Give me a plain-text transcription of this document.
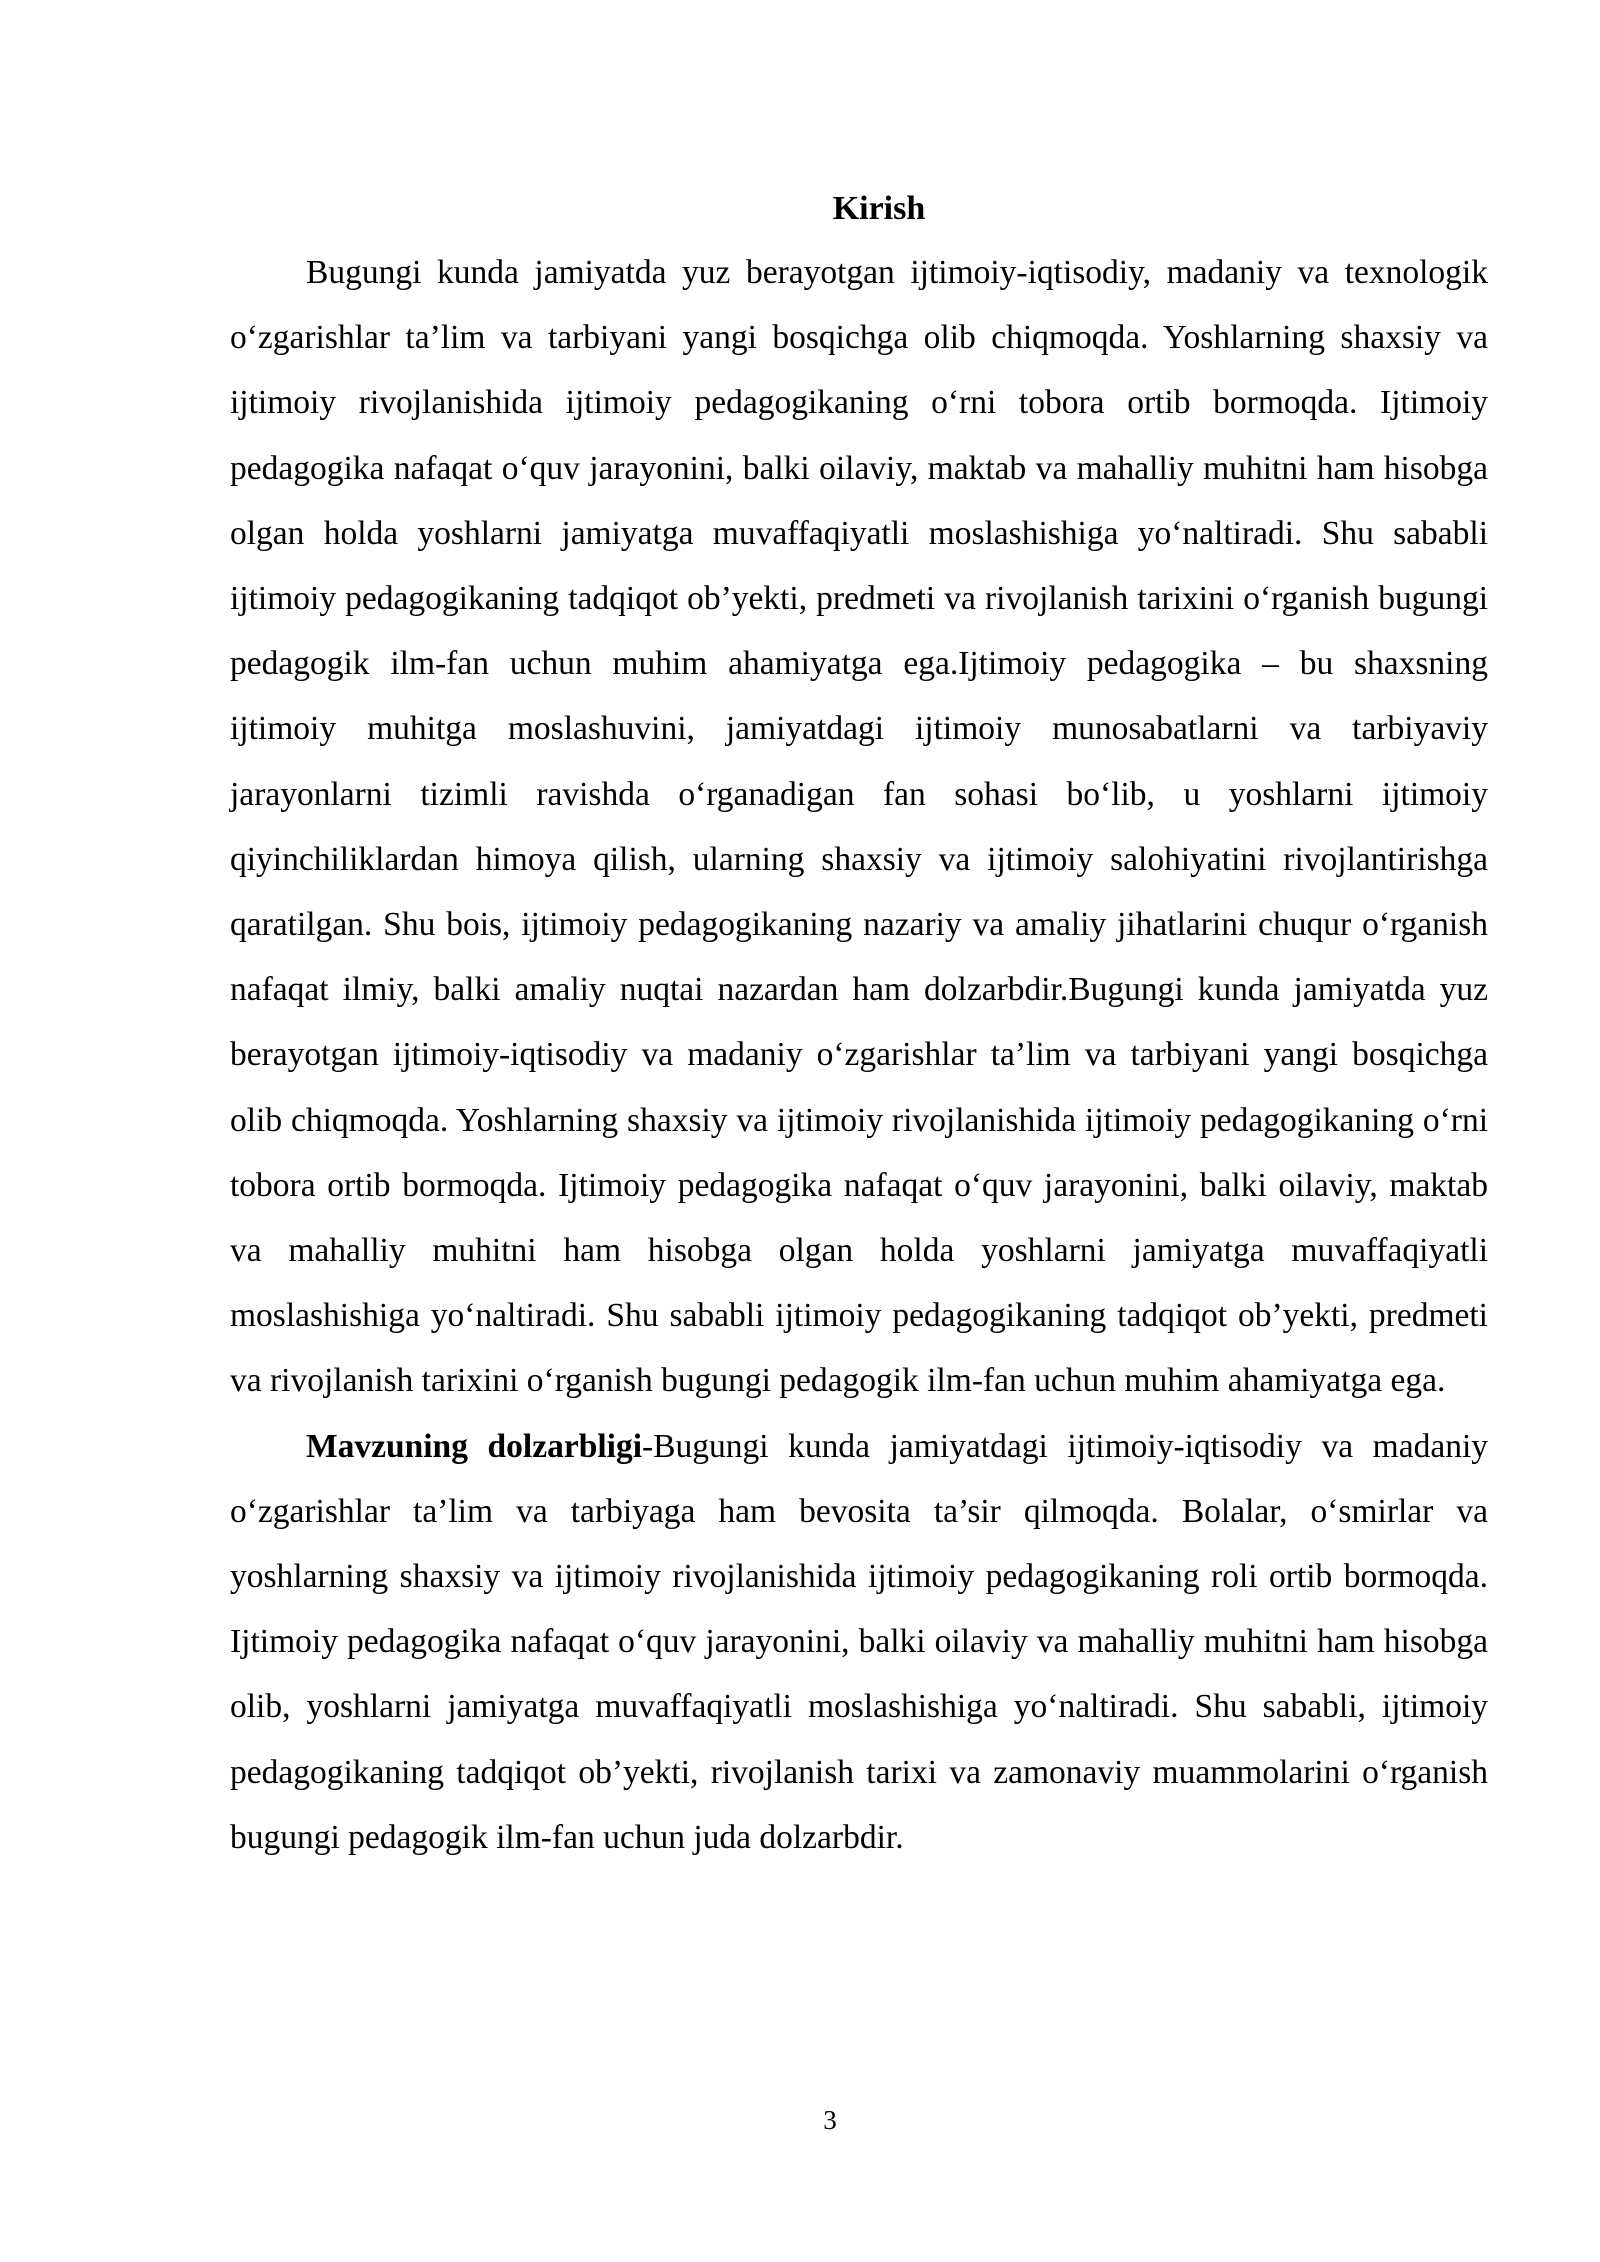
Kirish

Bugungi kunda jamiyatda yuz berayotgan ijtimoiy-iqtisodiy, madaniy va texnologik o‘zgarishlar ta’lim va tarbiyani yangi bosqichga olib chiqmoqda. Yoshlarning shaxsiy va ijtimoiy rivojlanishida ijtimoiy pedagogikaning o‘rni tobora ortib bormoqda. Ijtimoiy pedagogika nafaqat o‘quv jarayonini, balki oilaviy, maktab va mahalliy muhitni ham hisobga olgan holda yoshlarni jamiyatga muvaffaqiyatli moslashishiga yo‘naltiradi. Shu sababli ijtimoiy pedagogikaning tadqiqot ob’yekti, predmeti va rivojlanish tarixini o‘rganish bugungi pedagogik ilm-fan uchun muhim ahamiyatga ega.Ijtimoiy pedagogika – bu shaxsning ijtimoiy muhitga moslashuvini, jamiyatdagi ijtimoiy munosabatlarni va tarbiyaviy jarayonlarni tizimli ravishda o‘rganadigan fan sohasi bo‘lib, u yoshlarni ijtimoiy qiyinchiliklardan himoya qilish, ularning shaxsiy va ijtimoiy salohiyatini rivojlantirishga qaratilgan. Shu bois, ijtimoiy pedagogikaning nazariy va amaliy jihatlarini chuqur o‘rganish nafaqat ilmiy, balki amaliy nuqtai nazardan ham dolzarbdir.Bugungi kunda jamiyatda yuz berayotgan ijtimoiy-iqtisodiy va madaniy o‘zgarishlar ta’lim va tarbiyani yangi bosqichga olib chiqmoqda. Yoshlarning shaxsiy va ijtimoiy rivojlanishida ijtimoiy pedagogikaning o‘rni tobora ortib bormoqda. Ijtimoiy pedagogika nafaqat o‘quv jarayonini, balki oilaviy, maktab va mahalliy muhitni ham hisobga olgan holda yoshlarni jamiyatga muvaffaqiyatli moslashishiga yo‘naltiradi. Shu sababli ijtimoiy pedagogikaning tadqiqot ob’yekti, predmeti va rivojlanish tarixini o‘rganish bugungi pedagogik ilm-fan uchun muhim ahamiyatga ega.

Mavzuning dolzarbligi-Bugungi kunda jamiyatdagi ijtimoiy-iqtisodiy va madaniy o‘zgarishlar ta’lim va tarbiyaga ham bevosita ta’sir qilmoqda. Bolalar, o‘smirlar va yoshlarning shaxsiy va ijtimoiy rivojlanishida ijtimoiy pedagogikaning roli ortib bormoqda. Ijtimoiy pedagogika nafaqat o‘quv jarayonini, balki oilaviy va mahalliy muhitni ham hisobga olib, yoshlarni jamiyatga muvaffaqiyatli moslashishiga yo‘naltiradi. Shu sababli, ijtimoiy pedagogikaning tadqiqot ob’yekti, rivojlanish tarixi va zamonaviy muammolarini o‘rganish bugungi pedagogik ilm-fan uchun juda dolzarbdir.

3
